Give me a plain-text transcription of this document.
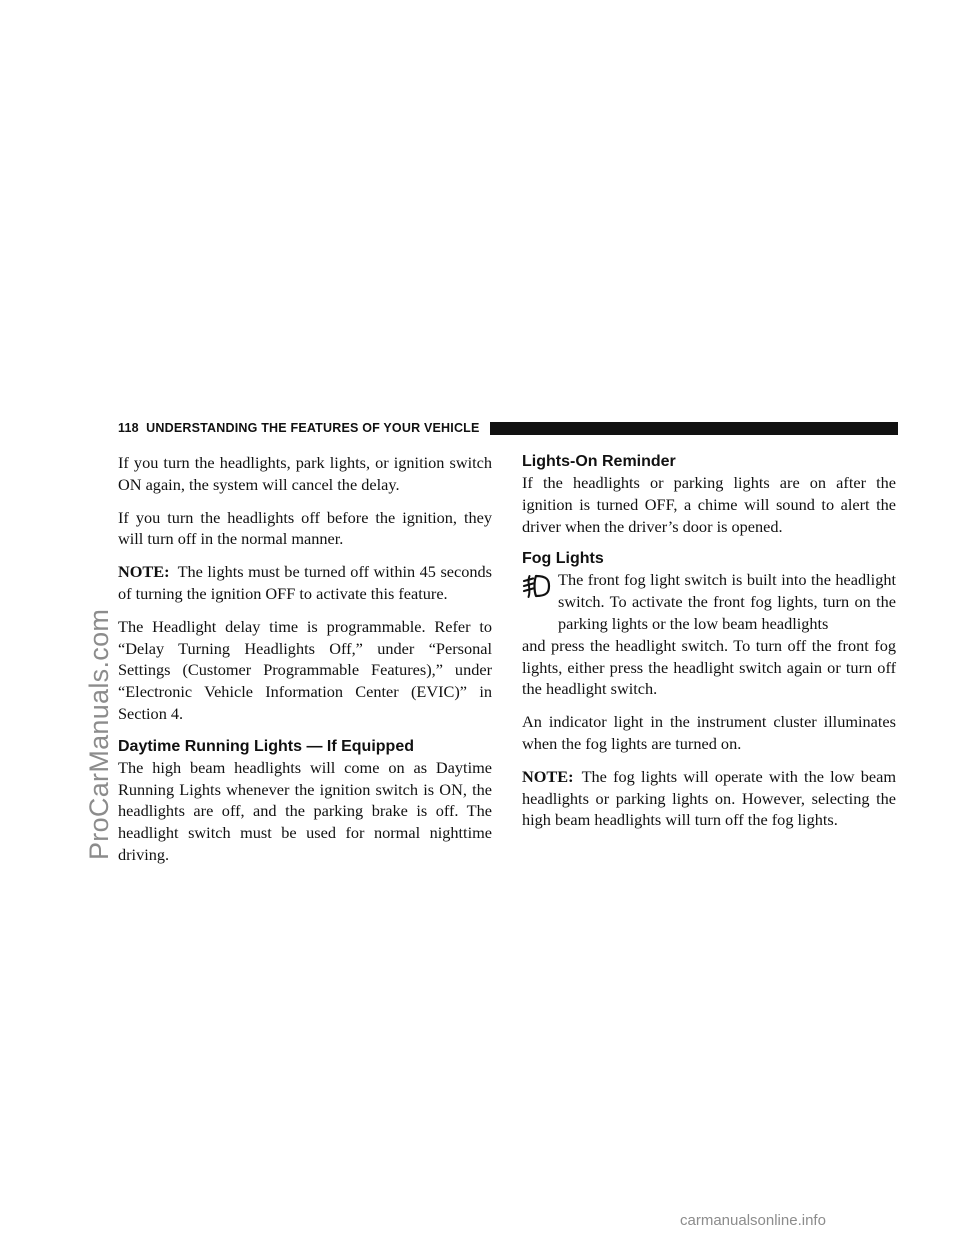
ProCarManuals.com
118 UNDERSTANDING THE FEATURES OF YOUR VEHICLE

If you turn the headlights, park lights, or ignition switch ON again, the system will cancel the delay.

If you turn the headlights off before the ignition, they will turn off in the normal manner.

NOTE: The lights must be turned off within 45 seconds of turning the ignition OFF to activate this feature.

The Headlight delay time is programmable. Refer to “Delay Turning Headlights Off,” under “Personal Settings (Customer Programmable Features),” under “Electronic Vehicle Information Center (EVIC)” in Section 4.

Daytime Running Lights — If Equipped

The high beam headlights will come on as Daytime Running Lights whenever the ignition switch is ON, the headlights are off, and the parking brake is off. The headlight switch must be used for normal nighttime driving.

Lights-On Reminder

If the headlights or parking lights are on after the ignition is turned OFF, a chime will sound to alert the driver when the driver’s door is opened.

Fog Lights

The front fog light switch is built into the headlight switch. To activate the front fog lights, turn on the parking lights or the low beam headlights

and press the headlight switch. To turn off the front fog lights, either press the headlight switch again or turn off the headlight switch.

An indicator light in the instrument cluster illuminates when the fog lights are turned on.

NOTE: The fog lights will operate with the low beam headlights or parking lights on. However, selecting the high beam headlights will turn off the fog lights.

carmanualsonline.info
